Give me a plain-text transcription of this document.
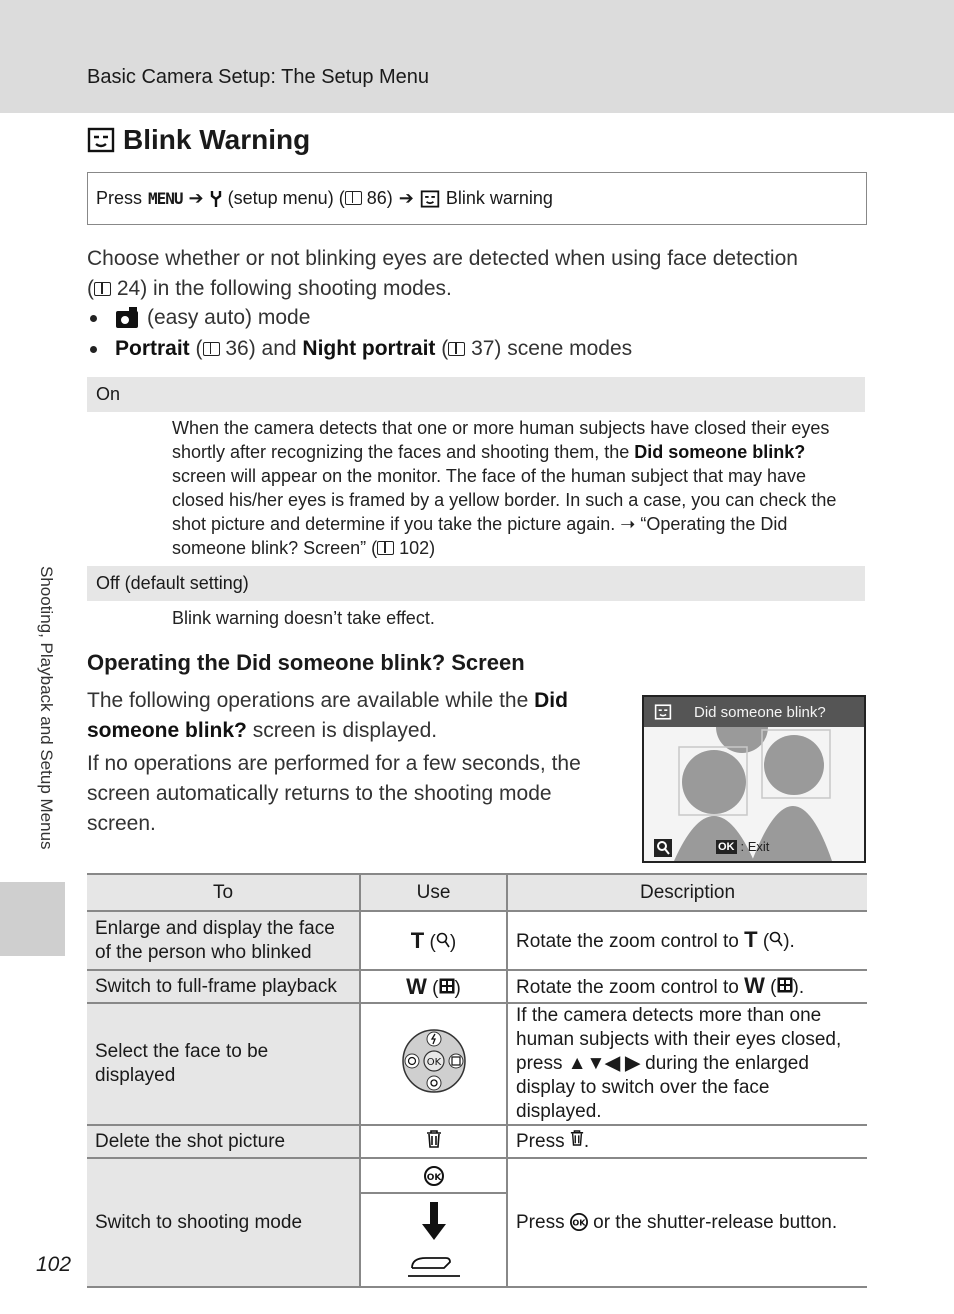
Basic Camera Setup: The Setup Menu
Shooting, Playback and Setup Menus
Blink Warning
Press MENU ➔ (setup menu) ( 86) ➔ Blink warning
Choose whether or not blinking eyes are detected when using face detection
( 24) in the following shooting modes.
(easy auto) mode
Portrait ( 36) and Night portrait ( 37) scene modes
On
When the camera detects that one or more human subjects have closed their eyes shortly after recognizing the faces and shooting them, the Did someone blink? screen will appear on the monitor. The face of the human subject that may have closed his/her eyes is framed by a yellow border. In such a case, you can check the shot picture and determine if you take the picture again. ➝ “Operating the Did someone blink? Screen” ( 102)
Off (default setting)
Blink warning doesn’t take effect.
Operating the Did someone blink? Screen
The following operations are available while the Did someone blink? screen is displayed.
If no operations are performed for a few seconds, the screen automatically returns to the shooting mode screen.
Did someone blink?
OK : Exit
To	Use	Description
Enlarge and display the face of the person who blinked	T ( )	Rotate the zoom control to T ( ).
Switch to full-frame playback	W ( )	Rotate the zoom control to W ( ).
Select the face to be displayed	OK	If the camera detects more than one human subjects with their eyes closed, press ▲▼◀ ▶ during the enlarged display to switch over the face displayed.
Delete the shot picture		Press .
Switch to shooting mode	OK	Press OK or the shutter-release button.
102
